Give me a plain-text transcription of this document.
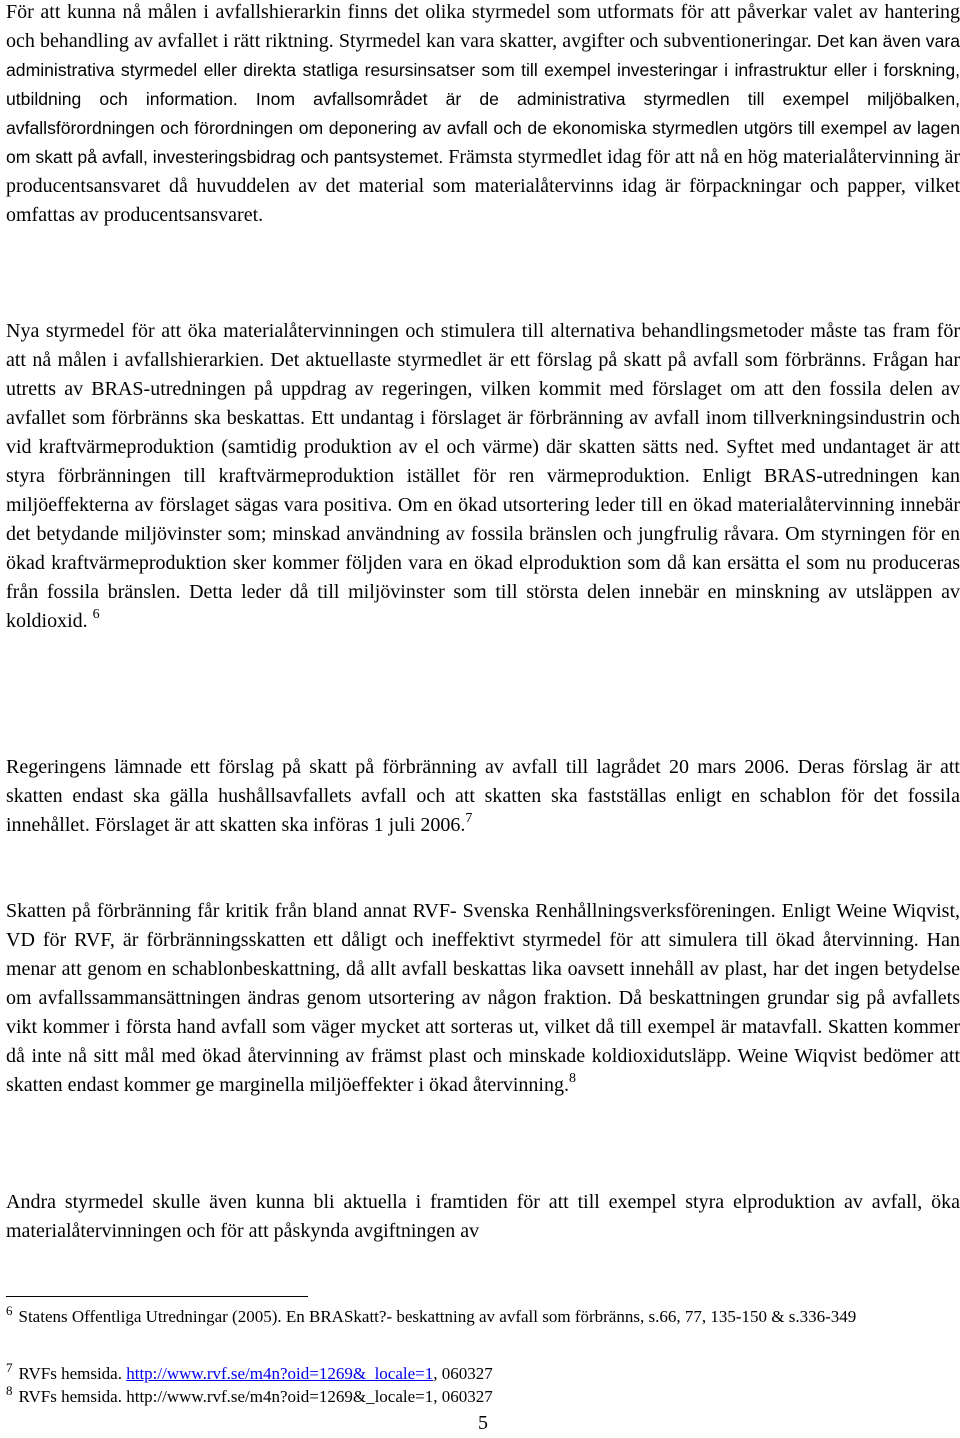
För att kunna nå målen i avfallshierarkin finns det olika styrmedel som utformats för att påverkar valet av hantering och behandling av avfallet i rätt riktning. Styrmedel kan vara skatter, avgifter och subventioneringar. Det kan även vara administrativa styrmedel eller direkta statliga resursinsatser som till exempel investeringar i infrastruktur eller i forskning, utbildning och information. Inom avfallsområdet är de administrativa styrmedlen till exempel miljöbalken, avfallsförordningen och förordningen om deponering av avfall och de ekonomiska styrmedlen utgörs till exempel av lagen om skatt på avfall, investeringsbidrag och pantsystemet. Främsta styrmedlet idag för att nå en hög materialåtervinning är producentsansvaret då huvuddelen av det material som materialåtervinns idag är förpackningar och papper, vilket omfattas av producentsansvaret.

Nya styrmedel för att öka materialåtervinningen och stimulera till alternativa behandlingsmetoder måste tas fram för att nå målen i avfallshierarkien. Det aktuellaste styrmedlet är ett förslag på skatt på avfall som förbränns. Frågan har utretts av BRAS-utredningen på uppdrag av regeringen, vilken kommit med förslaget om att den fossila delen av avfallet som förbränns ska beskattas. Ett undantag i förslaget är förbränning av avfall inom tillverkningsindustrin och vid kraftvärmeproduktion (samtidig produktion av el och värme) där skatten sätts ned. Syftet med undantaget är att styra förbränningen till kraftvärmeproduktion istället för ren värmeproduktion. Enligt BRAS-utredningen kan miljöeffekterna av förslaget sägas vara positiva. Om en ökad utsortering leder till en ökad materialåtervinning innebär det betydande miljövinster som; minskad användning av fossila bränslen och jungfrulig råvara. Om styrningen för en ökad kraftvärmeproduktion sker kommer följden vara en ökad elproduktion som då kan ersätta el som nu produceras från fossila bränslen. Detta leder då till miljövinster som till största delen innebär en minskning av utsläppen av koldioxid. $^6$

Regeringens lämnade ett förslag på skatt på förbränning av avfall till lagrådet 20 mars 2006. Deras förslag är att skatten endast ska gälla hushållsavfallets avfall och att skatten ska fastställas enligt en schablon för det fossila innehållet. Förslaget är att skatten ska införas 1 juli 2006.$^7$

Skatten på förbränning får kritik från bland annat RVF- Svenska Renhållningsverksföreningen. Enligt Weine Wiqvist, VD för RVF, är förbränningsskatten ett dåligt och ineffektivt styrmedel för att simulera till ökad återvinning. Han menar att genom en schablonbeskattning, då allt avfall beskattas lika oavsett innehåll av plast, har det ingen betydelse om avfallssammansättningen ändras genom utsortering av någon fraktion. Då beskattningen grundar sig på avfallets vikt kommer i första hand avfall som väger mycket att sorteras ut, vilket då till exempel är matavfall. Skatten kommer då inte nå sitt mål med ökad återvinning av främst plast och minskade koldioxidutsläpp. Weine Wiqvist bedömer att skatten endast kommer ge marginella miljöeffekter i ökad återvinning.$^8$

Andra styrmedel skulle även kunna bli aktuella i framtiden för att till exempel styra elproduktion av avfall, öka materialåtervinningen och för att påskynda avgiftningen av

$^6$ Statens Offentliga Utredningar (2005). En BRASkatt?- beskattning av avfall som förbränns, s.66, 77, 135-150 & s.336-349

$^7$ RVFs hemsida. http://www.rvf.se/m4n?oid=1269&_locale=1, 060327

$^8$ RVFs hemsida. http://www.rvf.se/m4n?oid=1269&_locale=1, 060327

5
